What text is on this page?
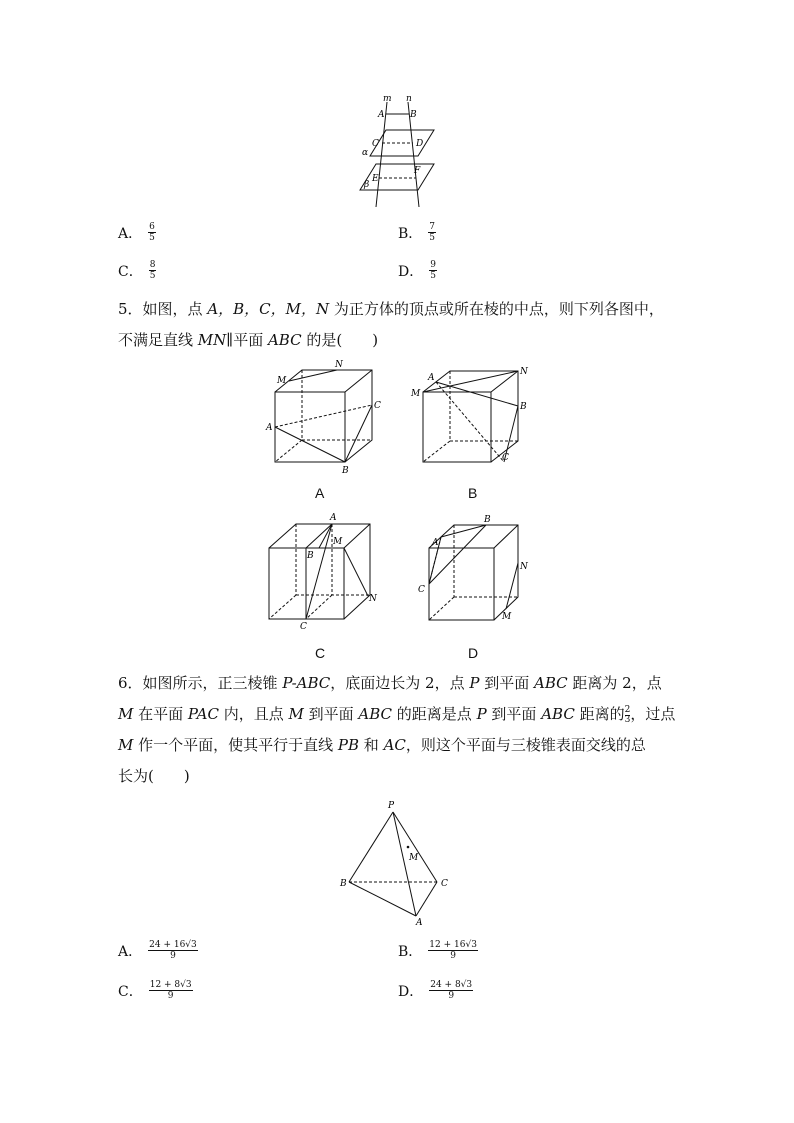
m n
A	B
C	D
α
E
F
β
A． $\frac{6}{5}$	B． $\frac{7}{5}$
C． $\frac{8}{5}$	D． $\frac{9}{5}$
5．如图，点 A，B，C，M，N 为正方体的顶点或所在棱的中点，则下列各图中，
不满足直线 MN∥平面 ABC 的是(　　)
M
N
C
A
B
A
A
M
N
B
C
B
A
B
M
N
C
C
A
B
C
N
M
D
6．如图所示，正三棱锥 P-ABC，底面边长为 2，点 P 到平面 ABC 距离为 2，点
M 在平面 PAC 内，且点 M 到平面 ABC 的距离是点 P 到平面 ABC 距离的 $\frac{2}{3}$ ，过点
M 作一个平面，使其平行于直线 PB 和 AC，则这个平面与三棱锥表面交线的总
长为(　　)
P
M
B	C
A
A． $\frac{24 + 16√3}{9}$	B． $\frac{12 + 16√3}{9}$
C． $\frac{12 + 8√3}{9}$	D． $\frac{24 + 8√3}{9}$
